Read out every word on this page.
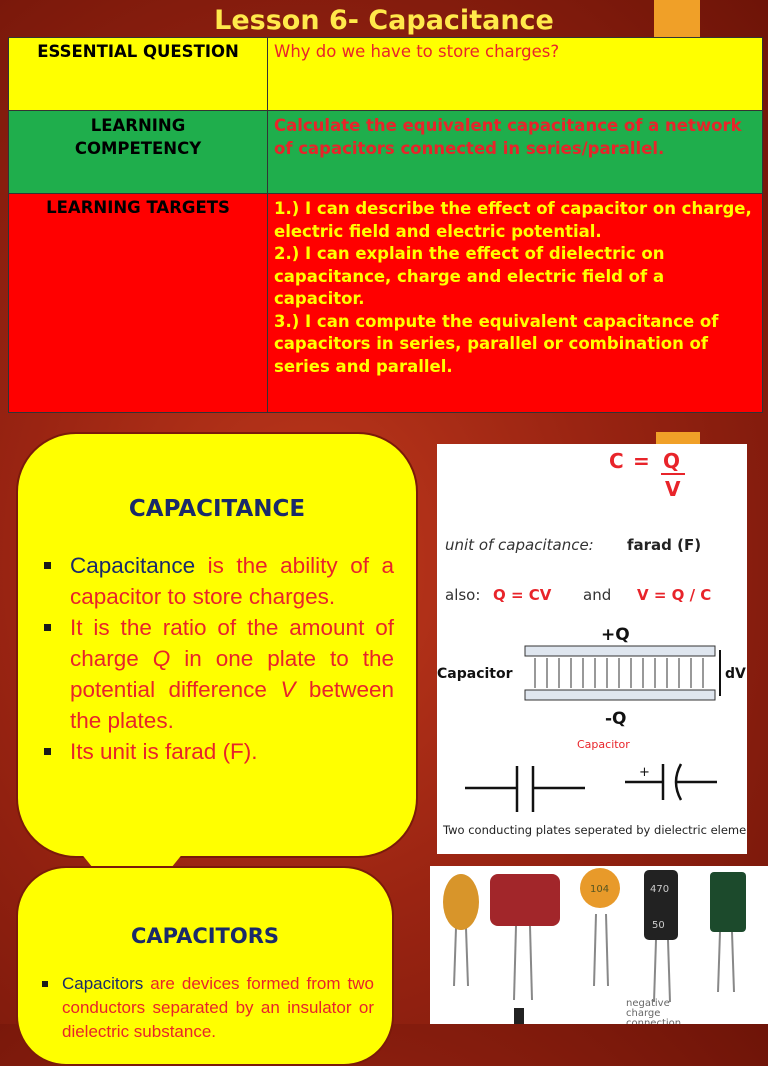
Lesson 6- Capacitance
ESSENTIAL QUESTION	Why do we have to store charges?
LEARNING
COMPETENCY	Calculate the equivalent capacitance of a network of capacitors connected in series/parallel.
LEARNING TARGETS	1.) I can describe the effect of capacitor on charge, electric field and electric potential.
2.) I can explain the effect of dielectric on capacitance, charge and electric field of a capacitor.
3.) I can compute the equivalent capacitance of capacitors in series, parallel or combination of series and parallel.
CAPACITANCE
Capacitance is the ability of a capacitor to store charges.
It is the ratio of the amount of charge Q in one plate to the potential difference V between the plates.
Its unit is farad (F).
CAPACITORS
Capacitors are devices formed from two conductors separated by an insulator or dielectric substance.
C = Q
V
unit of capacitance: farad (F)
also: Q = CV and V = Q / C
+Q
Capacitor	dV
-Q
Capacitor
+
Two conducting plates seperated by dielectric element
104	470
50
negative
charge
connection
